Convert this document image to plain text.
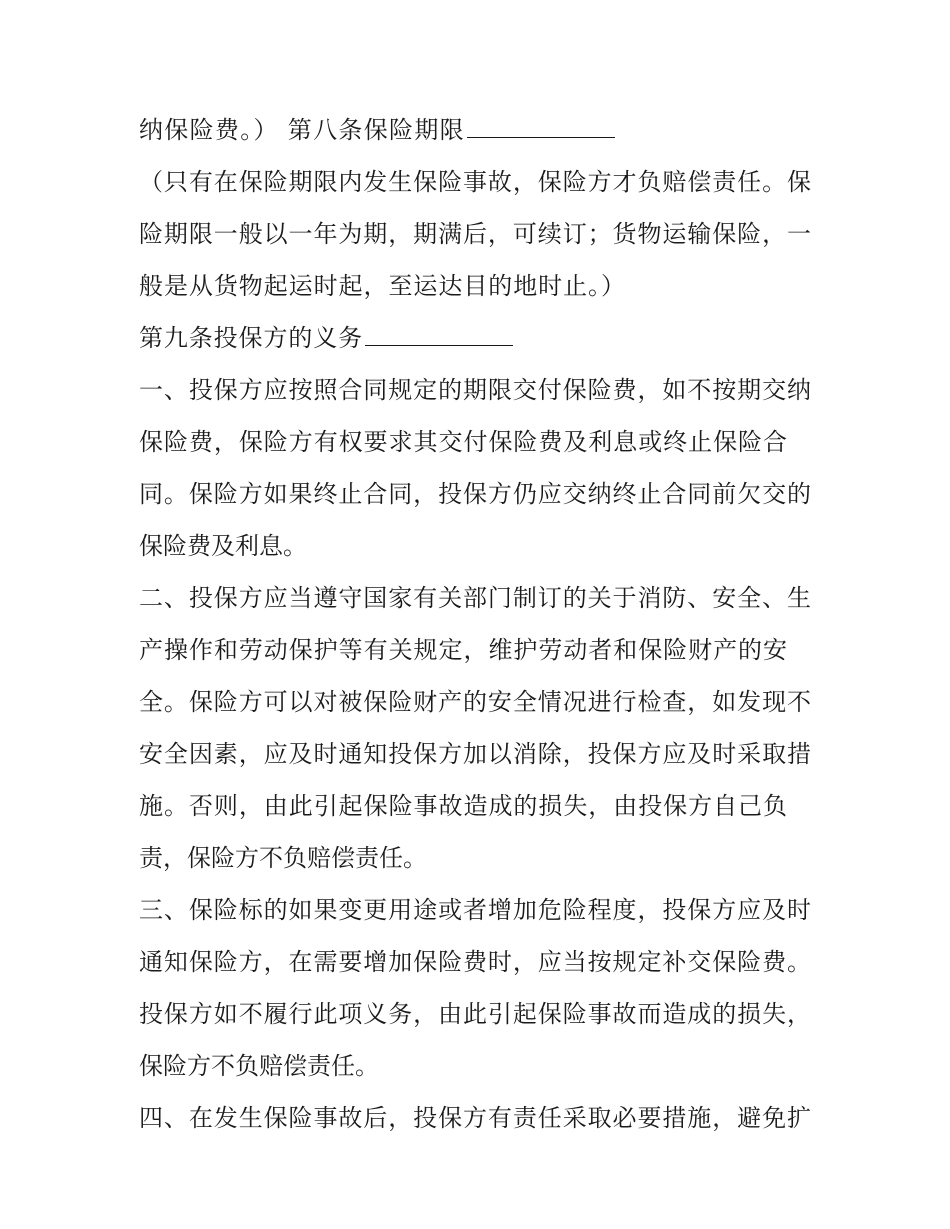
纳保险费。） 第八条保险期限
（只有在保险期限内发生保险事故，保险方才负赔偿责任。保
险期限一般以一年为期，期满后，可续订；货物运输保险，一
般是从货物起运时起，至运达目的地时止。）
第九条投保方的义务
一、投保方应按照合同规定的期限交付保险费，如不按期交纳
保险费，保险方有权要求其交付保险费及利息或终止保险合
同。保险方如果终止合同，投保方仍应交纳终止合同前欠交的
保险费及利息。
二、投保方应当遵守国家有关部门制订的关于消防、安全、生
产操作和劳动保护等有关规定，维护劳动者和保险财产的安
全。保险方可以对被保险财产的安全情况进行检查，如发现不
安全因素，应及时通知投保方加以消除，投保方应及时采取措
施。否则，由此引起保险事故造成的损失，由投保方自己负
责，保险方不负赔偿责任。
三、保险标的如果变更用途或者增加危险程度，投保方应及时
通知保险方，在需要增加保险费时，应当按规定补交保险费。
投保方如不履行此项义务，由此引起保险事故而造成的损失，
保险方不负赔偿责任。
四、在发生保险事故后，投保方有责任采取必要措施，避免扩
